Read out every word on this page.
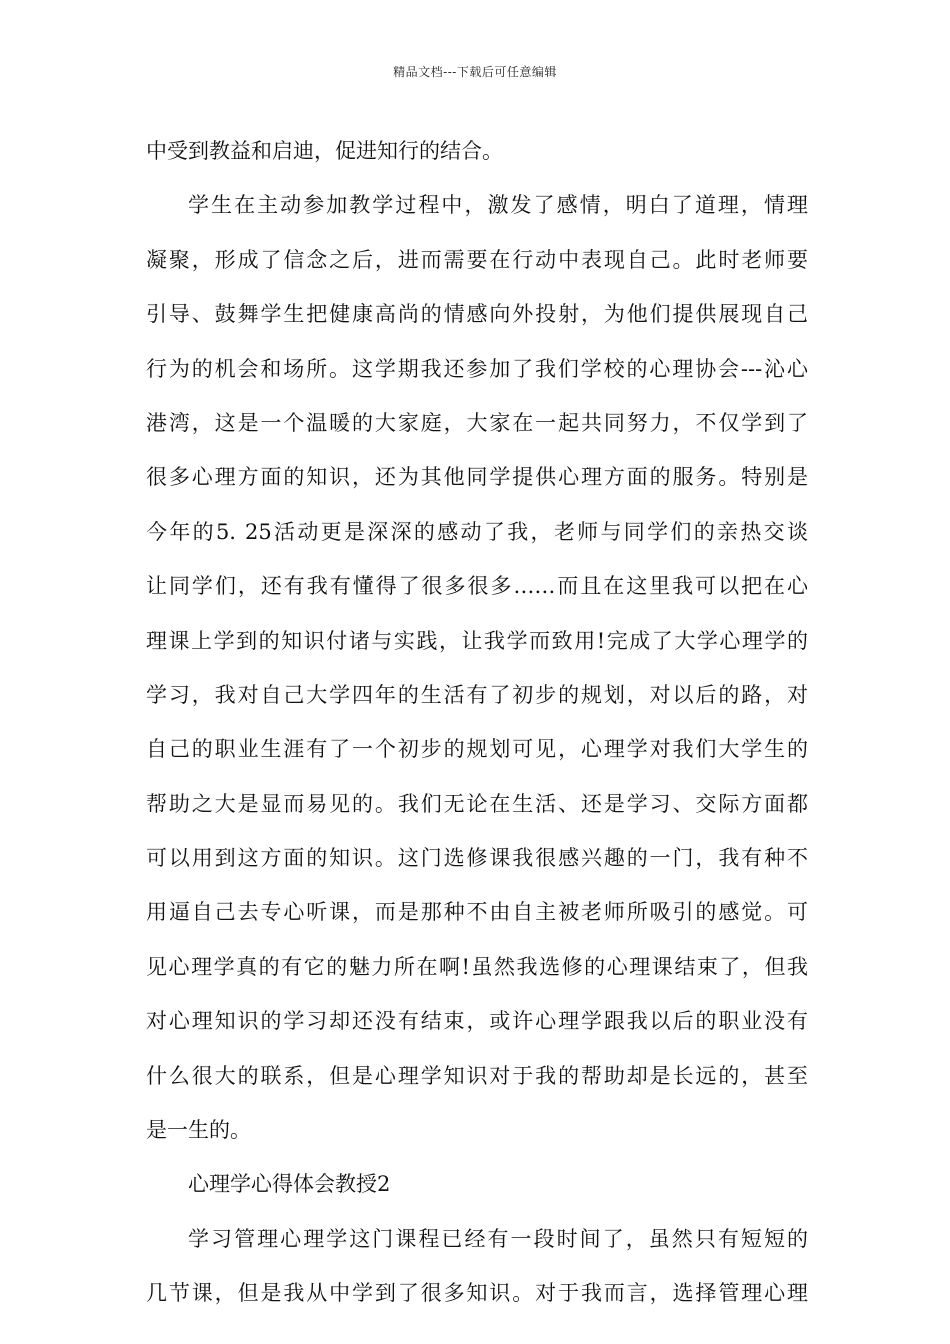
精品文档---下载后可任意编辑
中受到教益和启迪，促进知行的结合。
学生在主动参加教学过程中，激发了感情，明白了道理，情理
凝聚，形成了信念之后，进而需要在行动中表现自己。此时老师要
引导、鼓舞学生把健康高尚的情感向外投射，为他们提供展现自己
行为的机会和场所。这学期我还参加了我们学校的心理协会---沁心
港湾，这是一个温暖的大家庭，大家在一起共同努力，不仅学到了
很多心理方面的知识，还为其他同学提供心理方面的服务。特别是
今年的5. 25活动更是深深的感动了我，老师与同学们的亲热交谈
让同学们，还有我有懂得了很多很多……而且在这里我可以把在心
理课上学到的知识付诸与实践，让我学而致用!完成了大学心理学的
学习，我对自己大学四年的生活有了初步的规划，对以后的路，对
自己的职业生涯有了一个初步的规划可见，心理学对我们大学生的
帮助之大是显而易见的。我们无论在生活、还是学习、交际方面都
可以用到这方面的知识。这门选修课我很感兴趣的一门，我有种不
用逼自己去专心听课，而是那种不由自主被老师所吸引的感觉。可
见心理学真的有它的魅力所在啊!虽然我选修的心理课结束了，但我
对心理知识的学习却还没有结束，或许心理学跟我以后的职业没有
什么很大的联系，但是心理学知识对于我的帮助却是长远的，甚至
是一生的。
心理学心得体会教授2
学习管理心理学这门课程已经有一段时间了，虽然只有短短的
几节课，但是我从中学到了很多知识。对于我而言，选择管理心理
